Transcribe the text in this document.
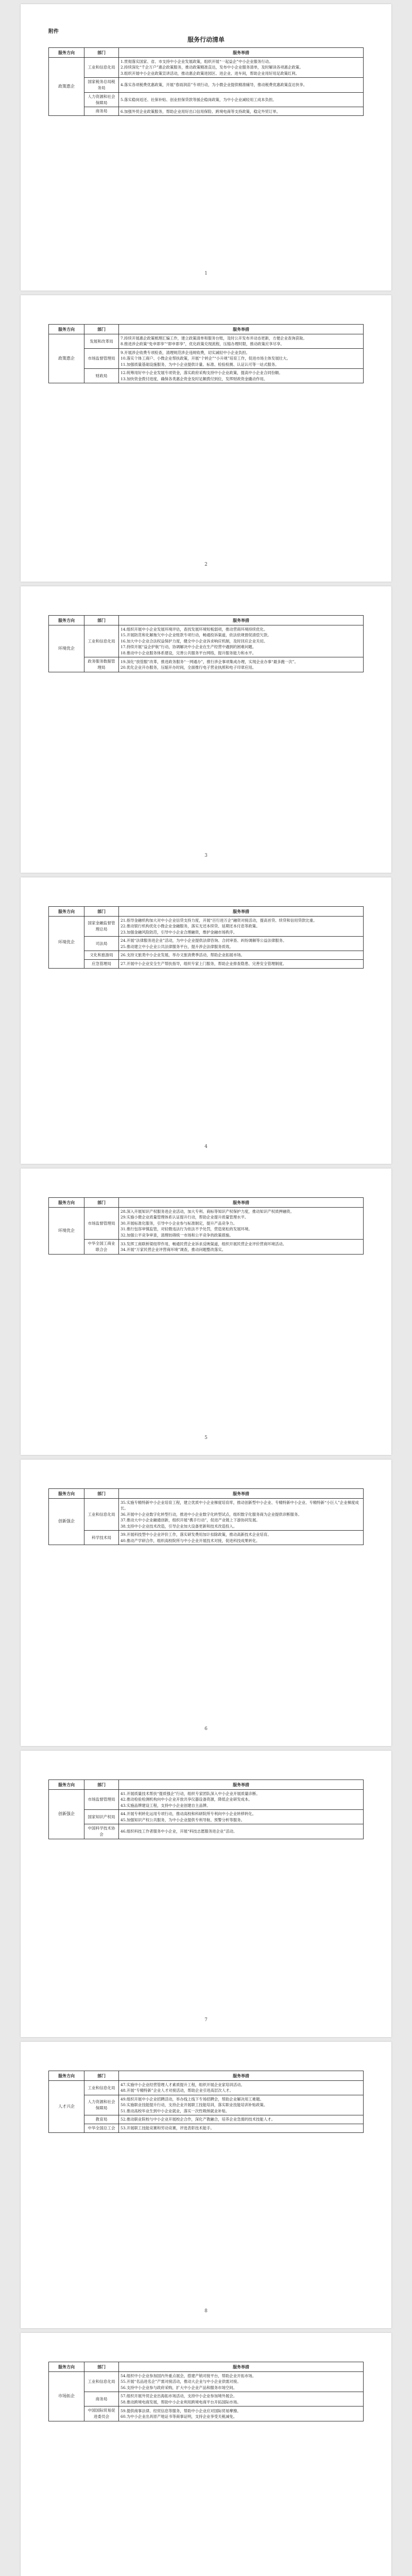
附件
服务行动清单
服务方向	部门	服务举措
政策惠企	工业和信息化局	1.贯彻落实国家、省、市支持中小企业发展政策，组织开展“一起益企”中小企业服务行动。

2.持续深化“千企万户”惠企政策服务，推动政策精准直达，发布中小企业服务清单，及时解读各项惠企政策。

3.组织开展中小企业政策宣讲活动，推动惠企政策进园区、进企业、进车间，帮助企业用好用足政策红利。

	国家税务总局税务局	4.落实各项税费优惠政策，开展“春雨润苗”专项行动，为小微企业提供精准辅导，推动税费优惠政策直达快享。

	人力资源和社会保障局	5.落实稳岗返还、社保补贴、创业担保贷款等援企稳岗政策，为中小企业减轻用工成本负担。

	商务局	6.加强外贸企业政策服务，帮助企业用好出口信用保险、跨境电商等支持政策，稳定外贸订单。

1
服务方向	部门	服务举措
政策惠企	发展和改革局	7.持续开展惠企政策梳理汇编工作，建立政策清单和服务台账，及时公开发布并动态更新，方便企业查询获取。

8.推进涉企政策“免申即享”“即申即享”，优化政策兑现流程，压缩办理时限，推动政策应享尽享。

	市场监督管理局	9.开展涉企收费专项检查，清理规范涉企违规收费，切实减轻中小企业负担。

10.落实个体工商户、小微企业帮扶政策，开展“个转企”“小升规”培育工作，促进市场主体发展壮大。

11.加强质量基础设施服务，为中小企业提供计量、标准、检验检测、认证认可等一站式服务。

	财政局	12.统筹用好中小企业发展专项资金，落实政府采购支持中小企业政策，提高中小企业合同份额。

13.加快资金拨付进度，确保各类惠企资金及时足额拨付到位，发挥财政资金撬动作用。

2
服务方向	部门	服务举措
环境优企	工业和信息化局	14.组织开展中小企业发展环境评估，查找发展环境短板弱项，推动营商环境持续优化。

15.开展防范和化解拖欠中小企业账款专项行动，畅通投诉渠道，依法依规督促清偿欠款。

16.加大中小企业合法权益保护力度，健全中小企业诉求响应机制，及时回应企业关切。

17.持续开展“益企护航”行动，协调解决中小企业在生产经营中遇到的困难问题。

18.推动中小企业服务体系建设，完善公共服务平台网络，提升服务能力和水平。

	政务服务数据管理局	19.深化“放管服”改革，推进政务服务“一网通办”，推行涉企事项集成办理，实现企业办事“最多跑一次”。

20.优化企业开办服务，压缩开办时间，全面推行电子营业执照和电子印章应用。

3
服务方向	部门	服务举措
环境优企	国家金融监督管理总局	21.指导金融机构加大对中小企业信贷支持力度，开展“百行进万企”融资对接活动，提高首贷、续贷和信用贷款比重。

22.推动银行机构优化小微企业金融服务，落实无还本续贷、延期还本付息等政策。

23.加强金融风险防范，引导中小企业合理融资，维护金融市场秩序。

	司法局	24.开展“法律服务进企业”活动，为中小企业提供法律咨询、合同审查、纠纷调解等公益法律服务。

25.推动建立中小企业公共法律服务平台，提升涉企法律服务质效。

	文化和旅游局	26.支持文旅类中小企业发展，举办文旅消费季活动，帮助企业拓展市场。

	应急管理局	27.开展中小企业安全生产帮扶指导，组织专家上门服务，帮助企业排查隐患、完善安全管理制度。

4
服务方向	部门	服务举措
环境优企	市场监督管理局	28.深入开展知识产权服务进企业活动，加大专利、商标等知识产权保护力度，推动知识产权质押融资。

29.实施小微企业质量管理体系认证提升行动，帮助企业提升质量管理水平。

30.开展标准化服务，引导中小企业参与标准制定，提升产品竞争力。

31.推行包容审慎监管，对轻微违法行为依法不予处罚，营造宽松的发展环境。

32.加强公平竞争审查，清理妨碍统一市场和公平竞争的政策措施。

	中华全国工商业联合会	33.发挥工商联桥梁纽带作用，畅通民营企业诉求反映渠道，组织开展民营企业评价营商环境活动。

34.开展“万家民营企业评营商环境”调查，推动问题整改落实。

5
服务方向	部门	服务举措
创新强企	工业和信息化局	35.实施专精特新中小企业培育工程，建立优质中小企业梯度培育库，推动创新型中小企业、专精特新中小企业、专精特新“小巨人”企业梯度成长。

36.开展中小企业数字化转型行动，推进中小企业数字化转型试点，组织数字化服务商为企业提供诊断服务。

37.推动大中小企业融通创新，组织开展“携手行动”，促进产业链上下游协同发展。

38.支持中小企业技术改造，引导企业加大设备更新和技术改造投入。

	科学技术局	39.开展科技型中小企业评价工作，落实研发费用加计扣除政策，推动高新技术企业培育。

40.推动产学研合作，组织高校院所与中小企业开展技术对接，促进科技成果转化。

6
服务方向	部门	服务举措
创新强企	市场监督管理局	41.开展质量技术帮扶“提质强企”行动，组织专家团队深入中小企业开展质量诊断。

42.推动检验检测机构向中小企业开放共享仪器设备资源，降低企业研发成本。

43.实施品牌建设工程，支持中小企业创建自主品牌。

	国家知识产权局	44.开展专利转化运用专项行动，推动高校和科研院所专利向中小企业转移转化。

45.加强知识产权公共服务，为中小企业提供专利导航、预警分析等服务。

	中国科学技术协会	46.组织科技工作者服务中小企业，开展“科技志愿服务进企业”活动。

7
服务方向	部门	服务举措
人才兴企	工业和信息化局	47.实施中小企业经营管理人才素质提升工程，组织开展企业家培训活动。

48.开展“专精特新”企业人才对接活动，帮助企业引进高层次人才。

	人力资源和社会保障局	49.组织开展中小企业招聘活动，举办线上线下专场招聘会，帮助企业解决用工难题。

50.实施职业技能提升行动，支持企业开展职工技能培训，落实职业技能培训补贴政策。

51.推动高校毕业生到中小企业就业，落实一次性吸纳就业补贴。

	教育局	52.推动职业院校与中小企业开展校企合作，深化产教融合，培养企业急需的技术技能人才。

	中华全国总工会	53.开展职工技能竞赛和劳动竞赛，评选表彰技术能手。

8
服务方向	部门	服务举措
市场拓企	工业和信息化局	54.组织中小企业参加国内外重点展会，搭建产销对接平台，帮助企业开拓市场。

55.开展“名品进名企”产需对接活动，推动大企业与中小企业供需对接。

56.支持中小企业参与政府采购，扩大中小企业产品和服务市场空间。

	商务局	57.组织开展外贸企业出海拓市场活动，支持中小企业参加境外展会。

58.推动跨境电商发展，帮助中小企业利用跨境电商平台开拓国际市场。

	中国国际贸易促进委员会	59.提供商事法律、经贸信息等服务，帮助中小企业应对国际贸易摩擦。

60.为中小企业出具原产地证书等商事证明，支持企业享受关税减免。
